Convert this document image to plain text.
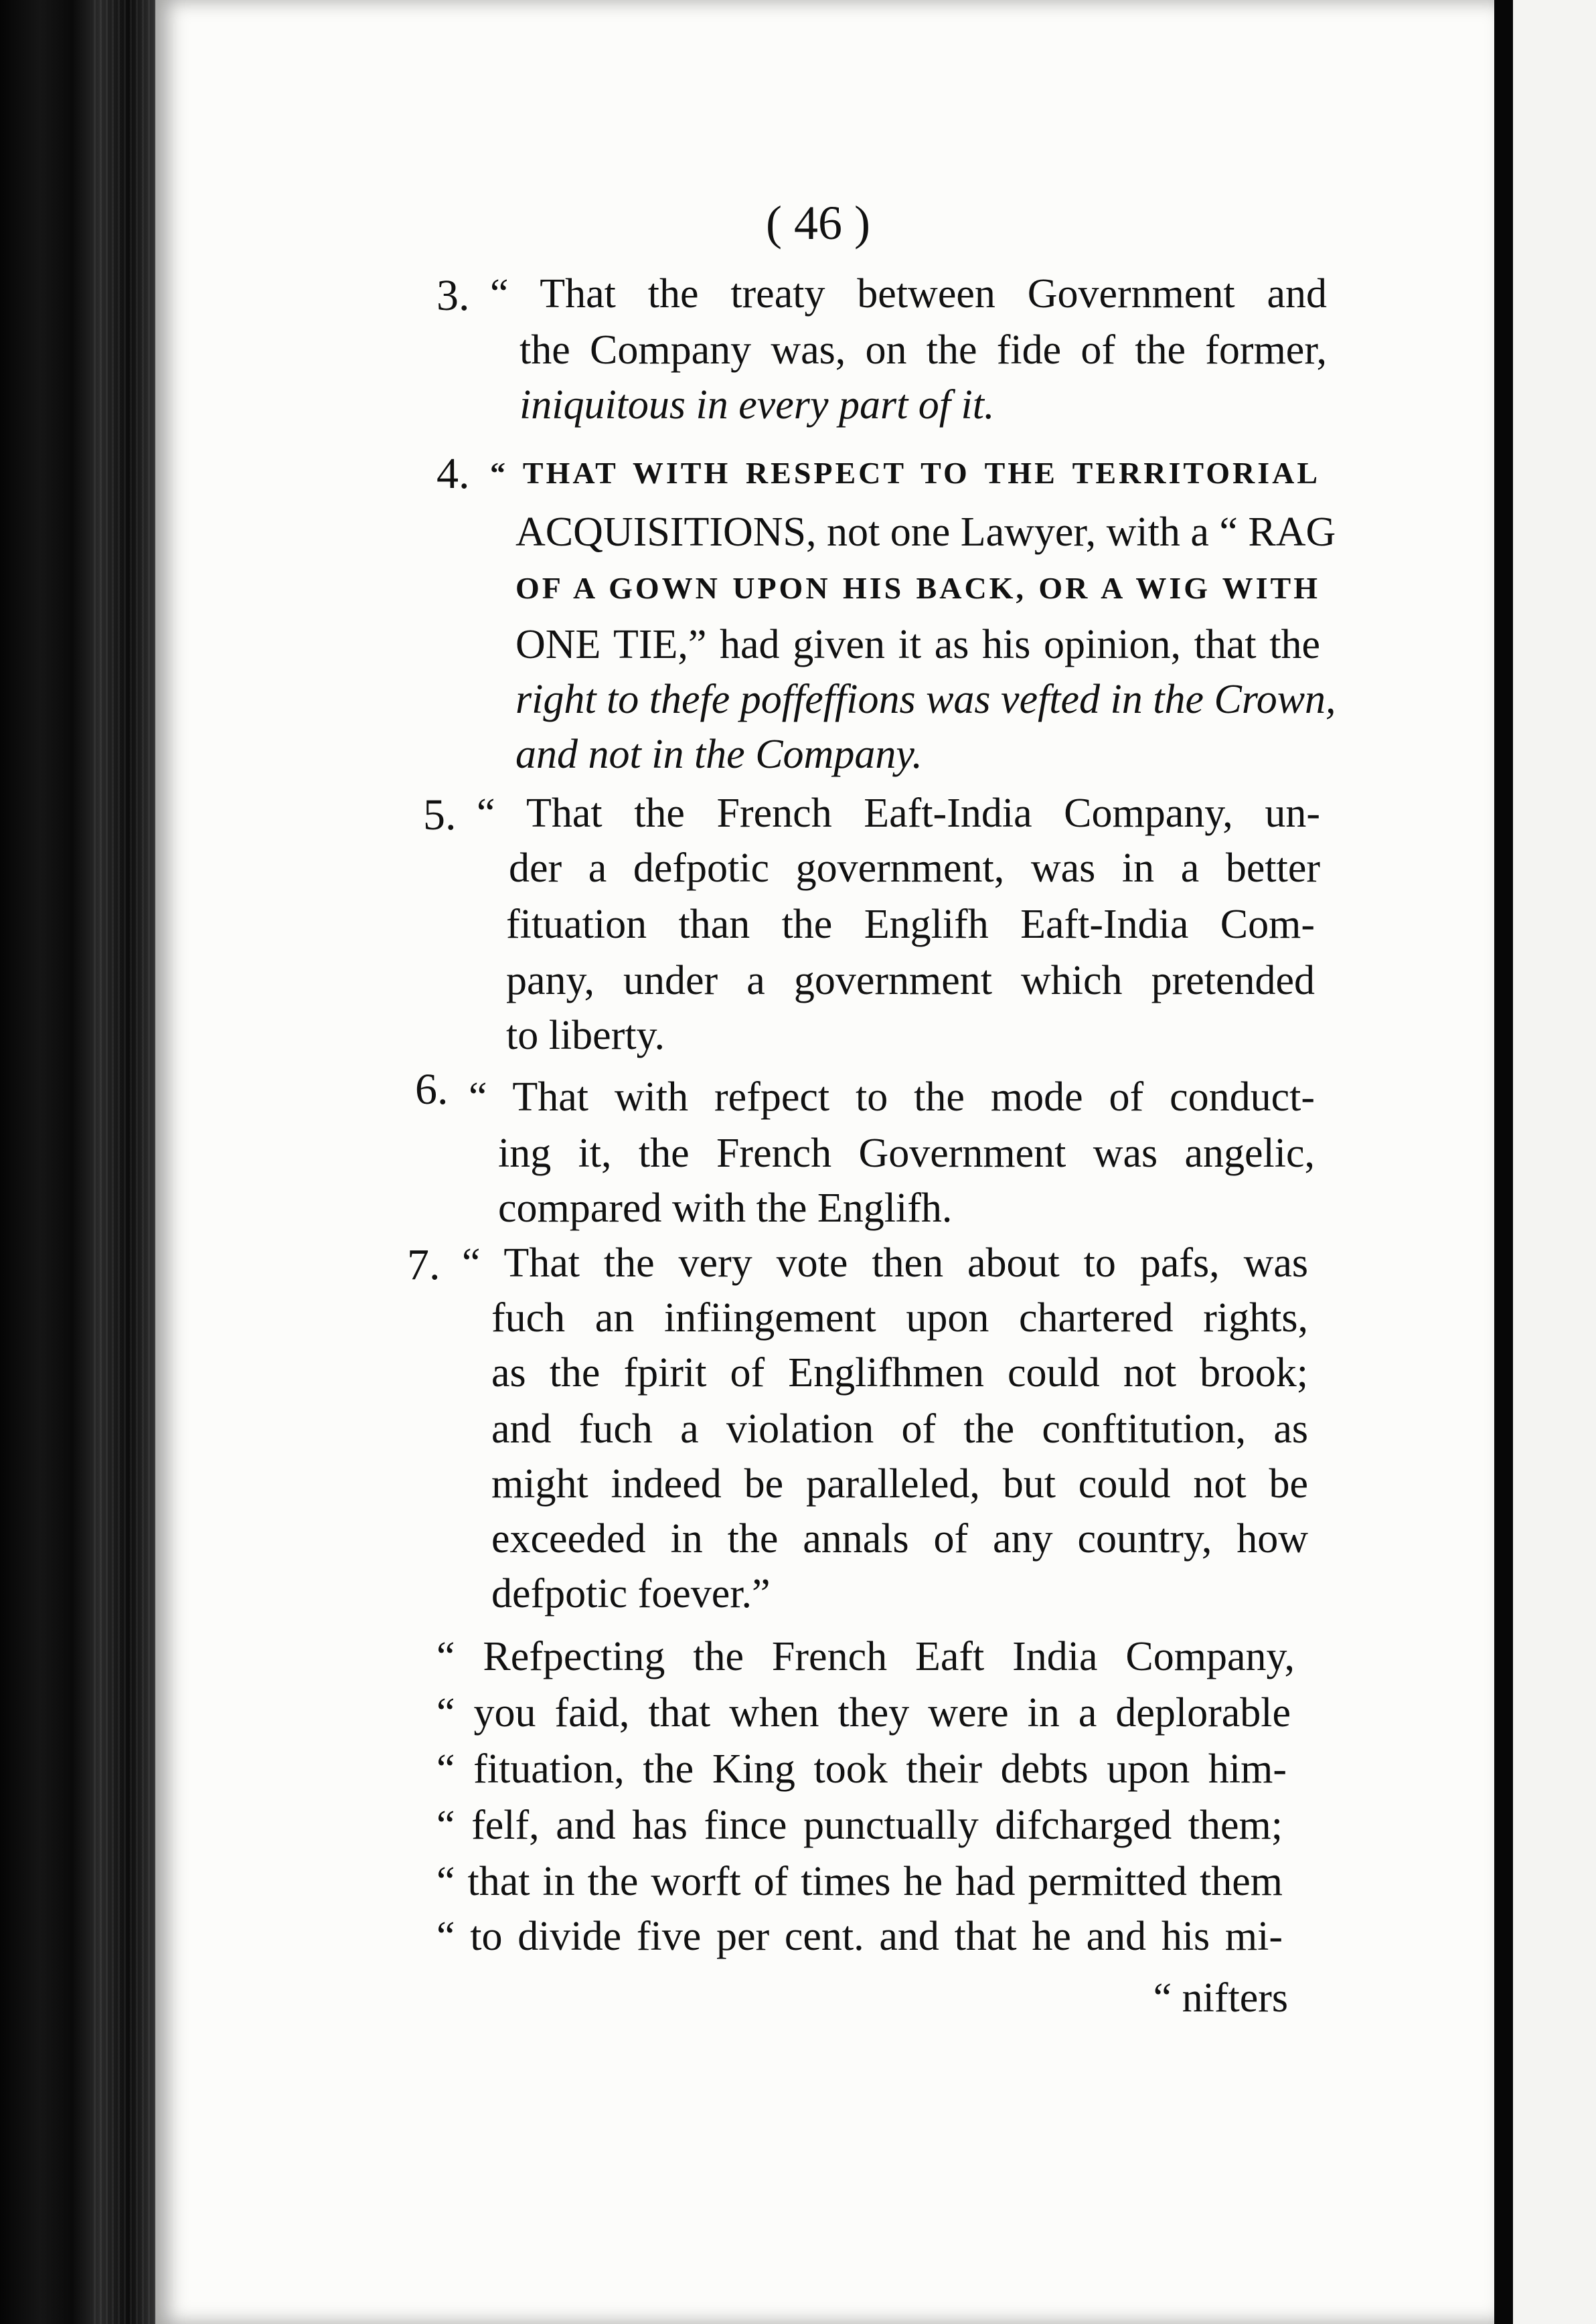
( 46 )
3. “ That the treaty between Government and
the Company was, on the fide of the former,
iniquitous in every part of it.
4. “ THAT WITH RESPECT TO THE TERRITORIAL
ACQUISITIONS, not one Lawyer, with a “ RAG
OF A GOWN UPON HIS BACK, OR A WIG WITH
ONE TIE,” had given it as his opinion, that the
right to thefe poffeffions was vefted in the Crown,
and not in the Company.
5. “ That the French Eaft-India Company, un-
der a defpotic government, was in a better
fituation than the Englifh Eaft-India Com-
pany, under a government which pretended
to liberty.
6. “ That with refpect to the mode of conduct-
ing it, the French Government was angelic,
compared with the Englifh.
7. “ That the very vote then about to pafs, was
fuch an infiingement upon chartered rights,
as the fpirit of Englifhmen could not brook;
and fuch a violation of the conftitution, as
might indeed be paralleled, but could not be
exceeded in the annals of any country, how
defpotic foever.”
“ Refpecting the French Eaft India Company,
“ you faid, that when they were in a deplorable
“ fituation, the King took their debts upon him-
“ felf, and has fince punctually difcharged them;
“ that in the worft of times he had permitted them
“ to divide five per cent. and that he and his mi-
“ nifters
